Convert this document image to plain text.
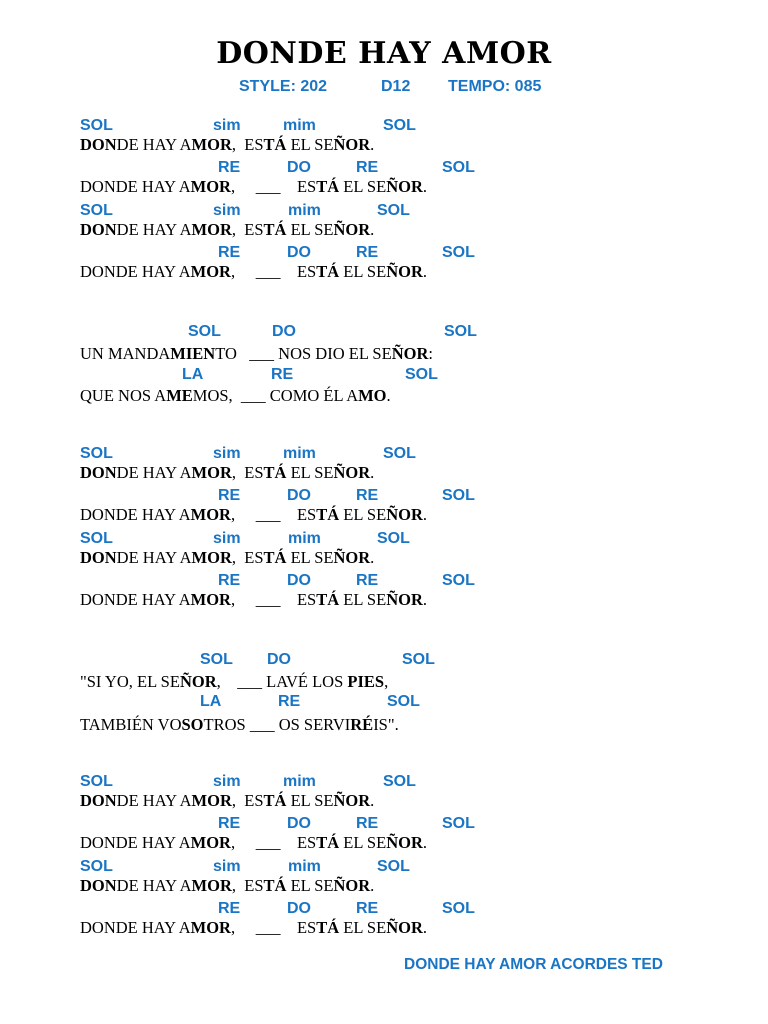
DONDE HAY AMOR
STYLE: 202	D12 TEMPO: 085
SOL	sim	mim	SOL
DONDE HAY AMOR,  ESTÁ EL SEÑOR.
RE	DO	RE	SOL
DONDE HAY AMOR,     ___    ESTÁ EL SEÑOR.
SOL	sim	mim	SOL
DONDE HAY AMOR,  ESTÁ EL SEÑOR.
RE	DO	RE	SOL
DONDE HAY AMOR,     ___    ESTÁ EL SEÑOR.
SOL	DO	SOL
UN MANDAMIENTO   ___ NOS DIO EL SEÑOR:
LA	RE	SOL
QUE NOS AMEMOS,  ___ COMO ÉL AMO.
SOL	sim	mim	SOL
DONDE HAY AMOR,  ESTÁ EL SEÑOR.
RE	DO	RE	SOL
DONDE HAY AMOR,     ___    ESTÁ EL SEÑOR.
SOL	sim	mim	SOL
DONDE HAY AMOR,  ESTÁ EL SEÑOR.
RE	DO	RE	SOL
DONDE HAY AMOR,     ___    ESTÁ EL SEÑOR.
SOL DO	SOL
"SI YO, EL SEÑOR,    ___ LAVÉ LOS PIES,
LA	RE	SOL
TAMBIÉN VOSOTROS ___ OS SERVIRÉIS".
SOL	sim	mim	SOL
DONDE HAY AMOR,  ESTÁ EL SEÑOR.
RE	DO	RE	SOL
DONDE HAY AMOR,     ___    ESTÁ EL SEÑOR.
SOL	sim	mim	SOL
DONDE HAY AMOR,  ESTÁ EL SEÑOR.
RE	DO	RE	SOL
DONDE HAY AMOR,     ___    ESTÁ EL SEÑOR.
DONDE HAY AMOR ACORDES TED
